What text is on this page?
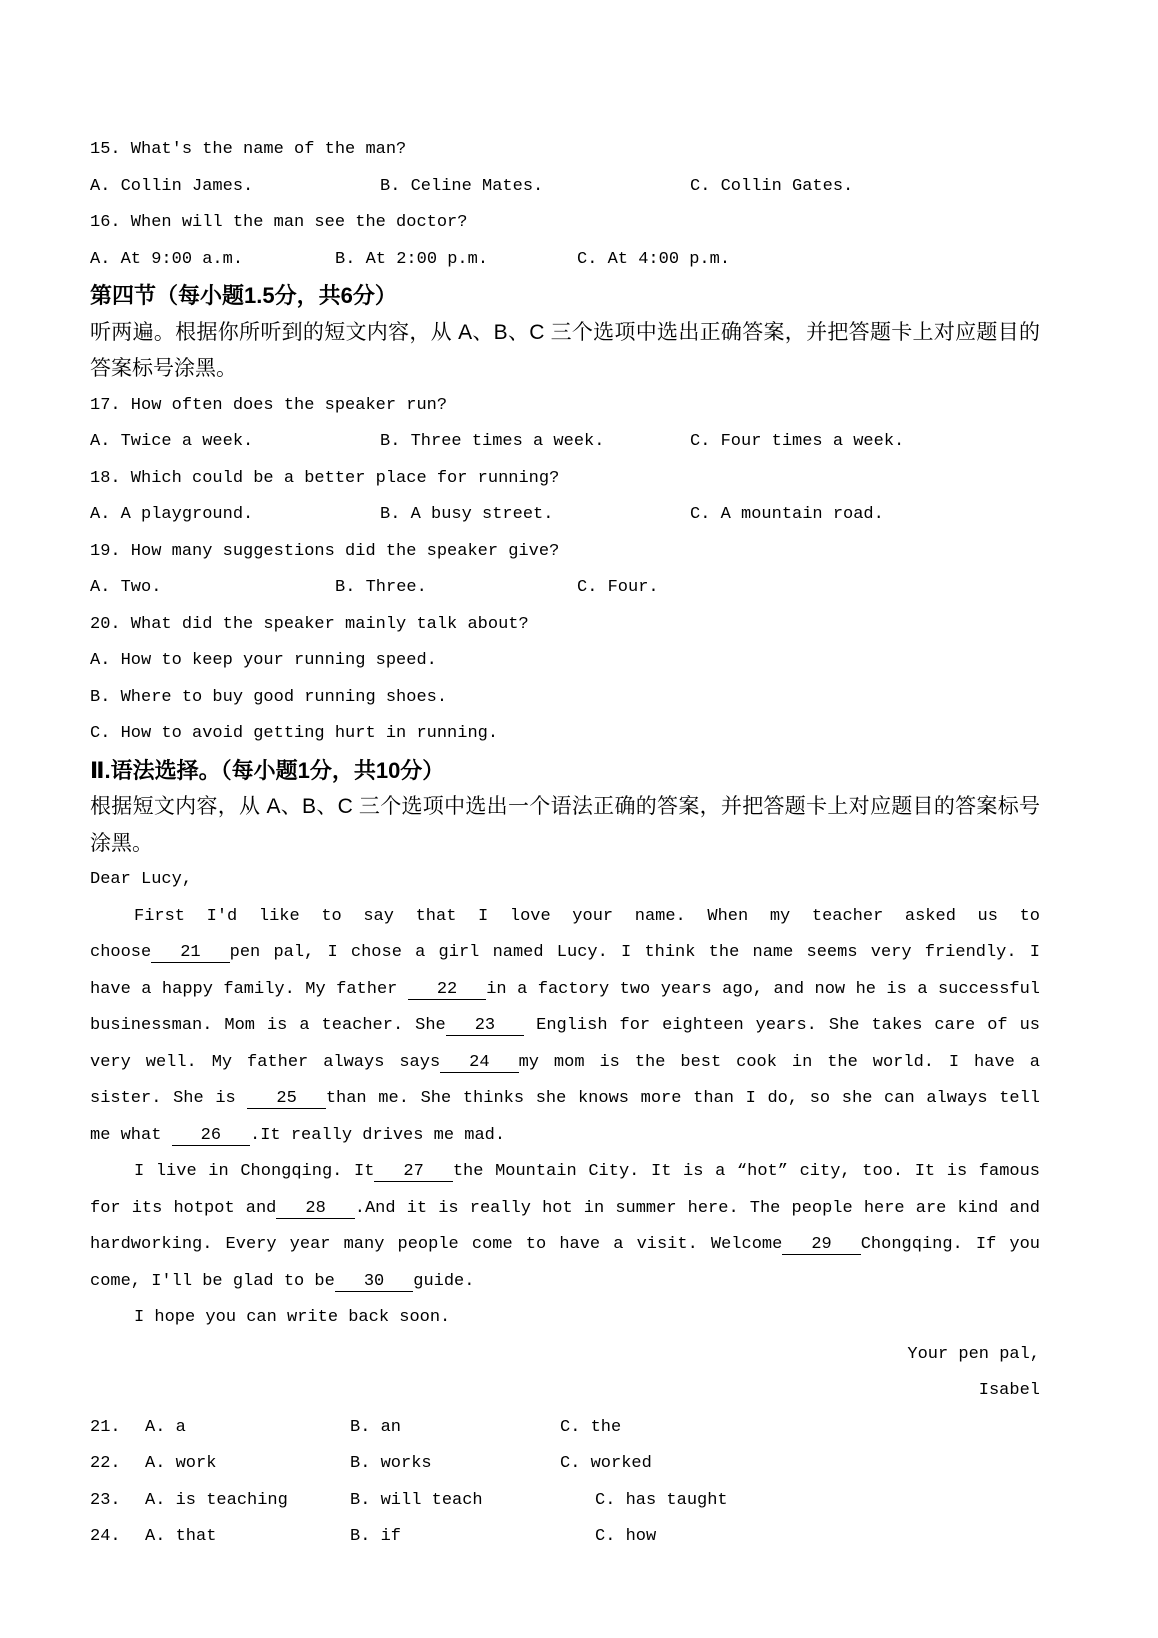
15. What's the name of the man?
A. Collin James.	B. Celine Mates.	C. Collin Gates.
16. When will the man see the doctor?
A. At 9:00 a.m.	B. At 2:00 p.m.	C. At 4:00 p.m.
第四节（每小题1.5分，共6分）
听两遍。根据你所听到的短文内容，从 A、B、C 三个选项中选出正确答案，并把答题卡上对应题目的答案标号涂黑。
17. How often does the speaker run?
A. Twice a week.	B. Three times a week.	C. Four times a week.
18. Which could be a better place for running?
A. A playground.	B. A busy street.	C. A mountain road.
19. How many suggestions did the speaker give?
A. Two.	B. Three.	C. Four.
20. What did the speaker mainly talk about?
A. How to keep your running speed.
B. Where to buy good running shoes.
C. How to avoid getting hurt in running.
Ⅱ.语法选择。（每小题1分，共10分）
根据短文内容，从 A、B、C 三个选项中选出一个语法正确的答案，并把答题卡上对应题目的答案标号涂黑。
Dear Lucy,

First I'd like to say that I love your name. When my teacher asked us to choose 21 pen pal, I chose a girl named Lucy. I think the name seems very friendly. I have a happy family. My father 22 in a factory two years ago, and now he is a successful businessman. Mom is a teacher. She 23 English for eighteen years. She takes care of us very well. My father always says 24 my mom is the best cook in the world. I have a sister. She is 25 than me. She thinks she knows more than I do, so she can always tell me what 26 .It really drives me mad.

I live in Chongqing. It 27 the Mountain City. It is a “hot” city, too. It is famous for its hotpot and 28 .And it is really hot in summer here. The people here are kind and hardworking. Every year many people come to have a visit. Welcome 29 Chongqing. If you come, I'll be glad to be 30 guide.

I hope you can write back soon.

Your pen pal,

Isabel

21.	A. a	B. an	C. the
22.	A. work	B. works	C. worked
23.	A. is teaching	B. will teach	C. has taught
24.	A. that	B. if	C. how
